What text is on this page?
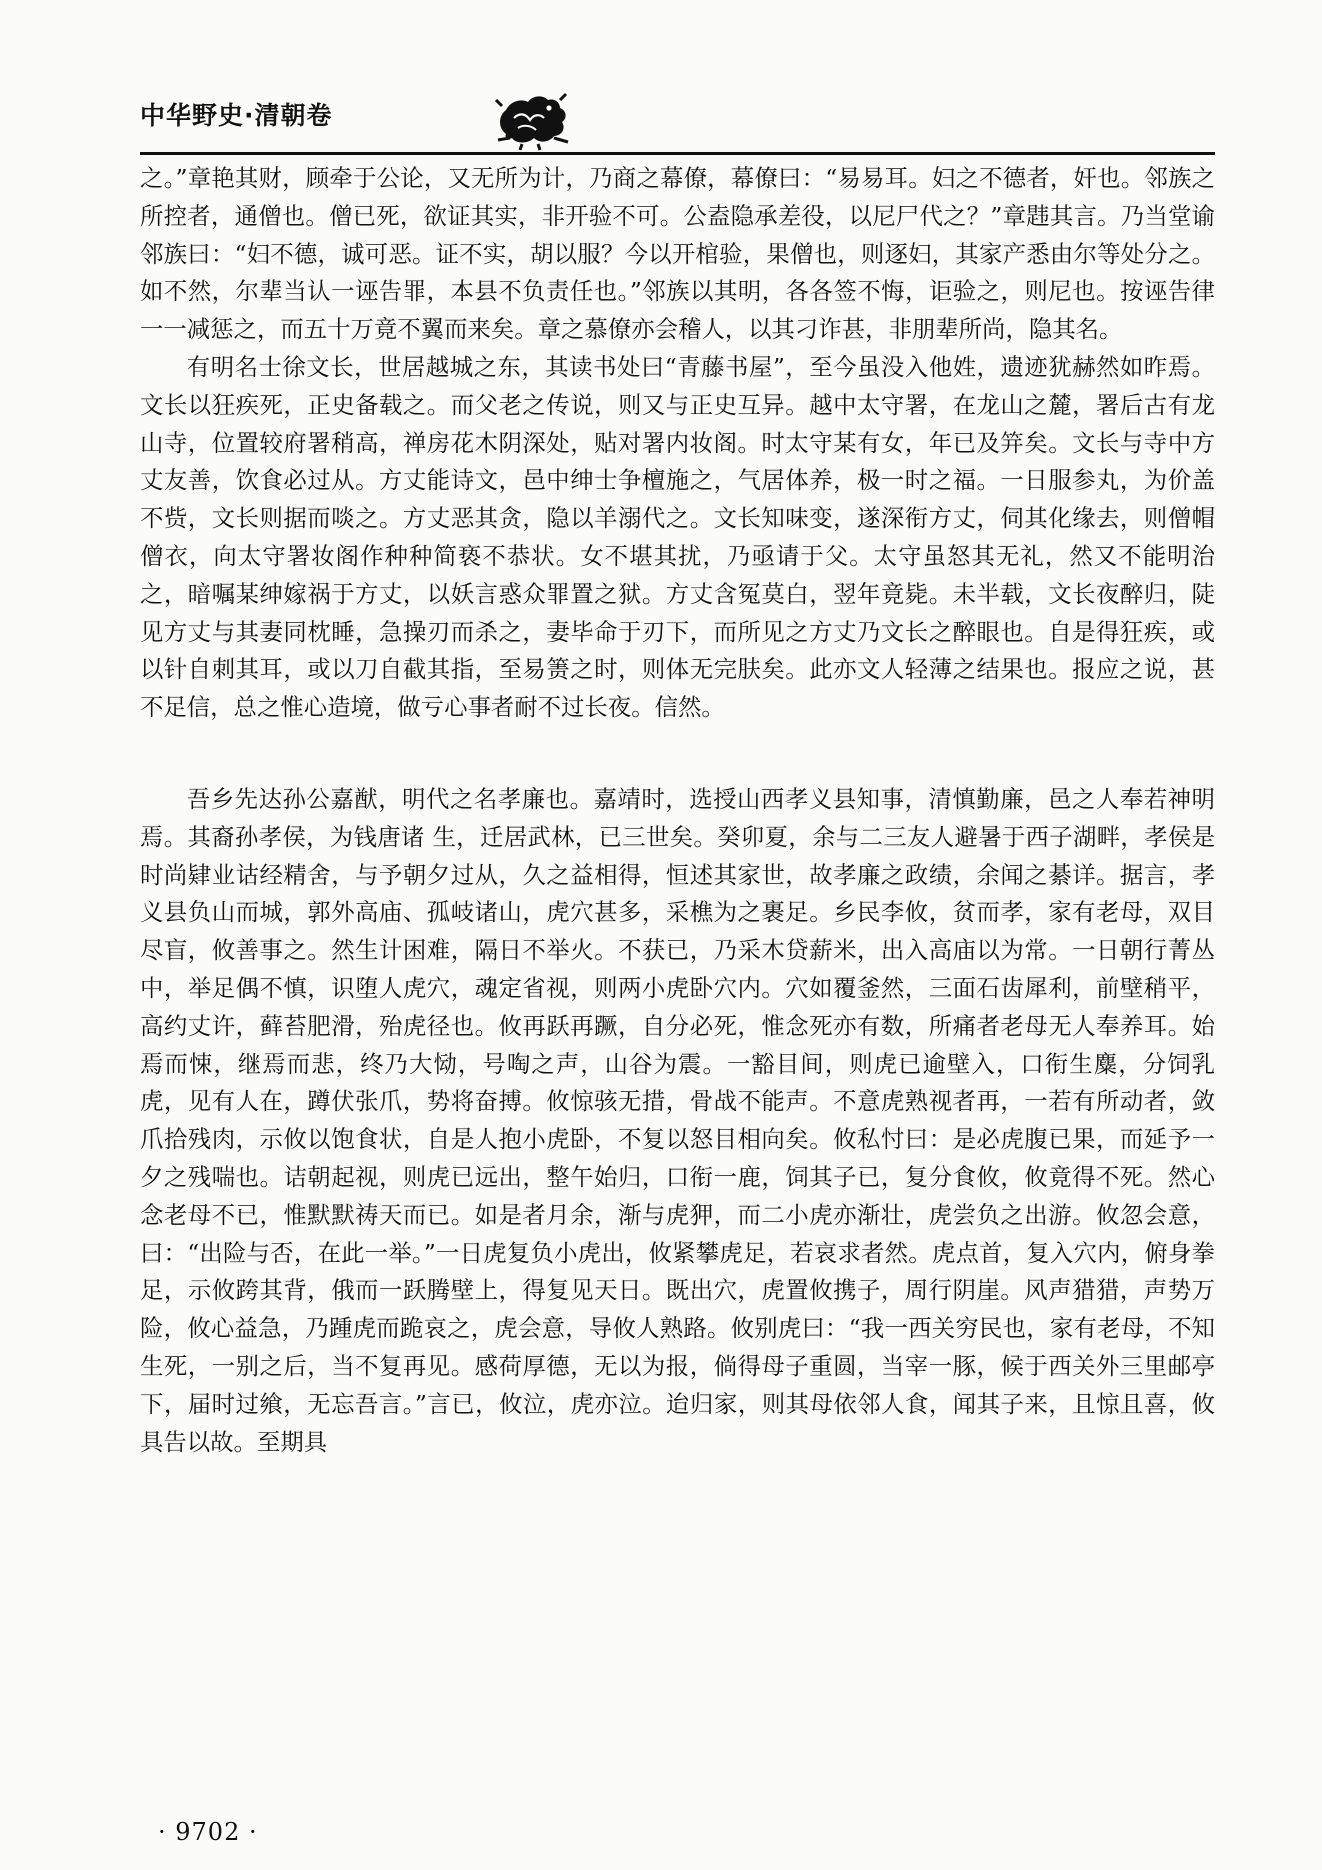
中华野史·清朝卷

之。”章艳其财，顾牵于公论，又无所为计，乃商之幕僚，幕僚曰：“易易耳。妇之不德者，奸也。邻族之所控者，通僧也。僧已死，欲证其实，非开验不可。公盍隐承差役，以尼尸代之？”章韪其言。乃当堂谕邻族曰：“妇不德，诚可恶。证不实，胡以服？今以开棺验，果僧也，则逐妇，其家产悉由尔等处分之。如不然，尔辈当认一诬告罪，本县不负责任也。”邻族以其明，各各签不悔，讵验之，则尼也。按诬告律一一减惩之，而五十万竟不翼而来矣。章之慕僚亦会稽人，以其刁诈甚，非朋辈所尚，隐其名。

有明名士徐文长，世居越城之东，其读书处曰“青藤书屋”，至今虽没入他姓，遗迹犹赫然如昨焉。文长以狂疾死，正史备载之。而父老之传说，则又与正史互异。越中太守署，在龙山之麓，署后古有龙山寺，位置较府署稍高，禅房花木阴深处，贴对署内妆阁。时太守某有女，年已及笄矣。文长与寺中方丈友善，饮食必过从。方丈能诗文，邑中绅士争檀施之，气居体养，极一时之福。一日服参丸，为价盖不赀，文长则据而啖之。方丈恶其贪，隐以羊溺代之。文长知味变，遂深衔方丈，伺其化缘去，则僧帽僧衣，向太守署妆阁作种种简亵不恭状。女不堪其扰，乃亟请于父。太守虽怒其无礼，然又不能明治之，暗嘱某绅嫁祸于方丈，以妖言惑众罪置之狱。方丈含冤莫白，翌年竟毙。未半载，文长夜醉归，陡见方丈与其妻同枕睡，急操刃而杀之，妻毕命于刃下，而所见之方丈乃文长之醉眼也。自是得狂疾，或以针自刺其耳，或以刀自截其指，至易箦之时，则体无完肤矣。此亦文人轻薄之结果也。报应之说，甚不足信，总之惟心造境，做亏心事者耐不过长夜。信然。

吾乡先达孙公嘉猷，明代之名孝廉也。嘉靖时，选授山西孝义县知事，清慎勤廉，邑之人奉若神明焉。其裔孙孝侯，为钱唐诸 生，迁居武林，已三世矣。癸卯夏，余与二三友人避暑于西子湖畔，孝侯是时尚肄业诂经精舍，与予朝夕过从，久之益相得，恒述其家世，故孝廉之政绩，余闻之綦详。据言，孝义县负山而城，郭外高庙、孤岐诸山，虎穴甚多，采樵为之裹足。乡民李攸，贫而孝，家有老母，双目尽盲，攸善事之。然生计困难，隔日不举火。不获已，乃采木贷薪米，出入高庙以为常。一日朝行菁丛中，举足偶不慎，识堕人虎穴，魂定省视，则两小虎卧穴内。穴如覆釜然，三面石齿犀利，前壁稍平，高约丈许，藓苔肥滑，殆虎径也。攸再跃再蹶，自分必死，惟念死亦有数，所痛者老母无人奉养耳。始焉而悚，继焉而悲，终乃大恸，号啕之声，山谷为震。一豁目间，则虎已逾壁入，口衔生麋，分饲乳虎，见有人在，蹲伏张爪，势将奋搏。攸惊骇无措，骨战不能声。不意虎熟视者再，一若有所动者，敛爪拾残肉，示攸以饱食状，自是人抱小虎卧，不复以怒目相向矣。攸私忖曰：是必虎腹已果，而延予一夕之残喘也。诘朝起视，则虎已远出，整午始归，口衔一鹿，饲其子已，复分食攸，攸竟得不死。然心念老母不已，惟默默祷天而已。如是者月余，渐与虎狎，而二小虎亦渐壮，虎尝负之出游。攸忽会意，曰：“出险与否，在此一举。”一日虎复负小虎出，攸紧攀虎足，若哀求者然。虎点首，复入穴内，俯身拳足，示攸跨其背，俄而一跃腾壁上，得复见天日。既出穴，虎置攸携子，周行阴崖。风声猎猎，声势万险，攸心益急，乃踵虎而跪哀之，虎会意，导攸人熟路。攸别虎曰：“我一西关穷民也，家有老母，不知生死，一别之后，当不复再见。感荷厚德，无以为报，倘得母子重圆，当宰一豚，候于西关外三里邮亭下，届时过飨，无忘吾言。”言已，攸泣，虎亦泣。迨归家，则其母依邻人食，闻其子来，且惊且喜，攸具告以故。至期具

· 9702 ·
